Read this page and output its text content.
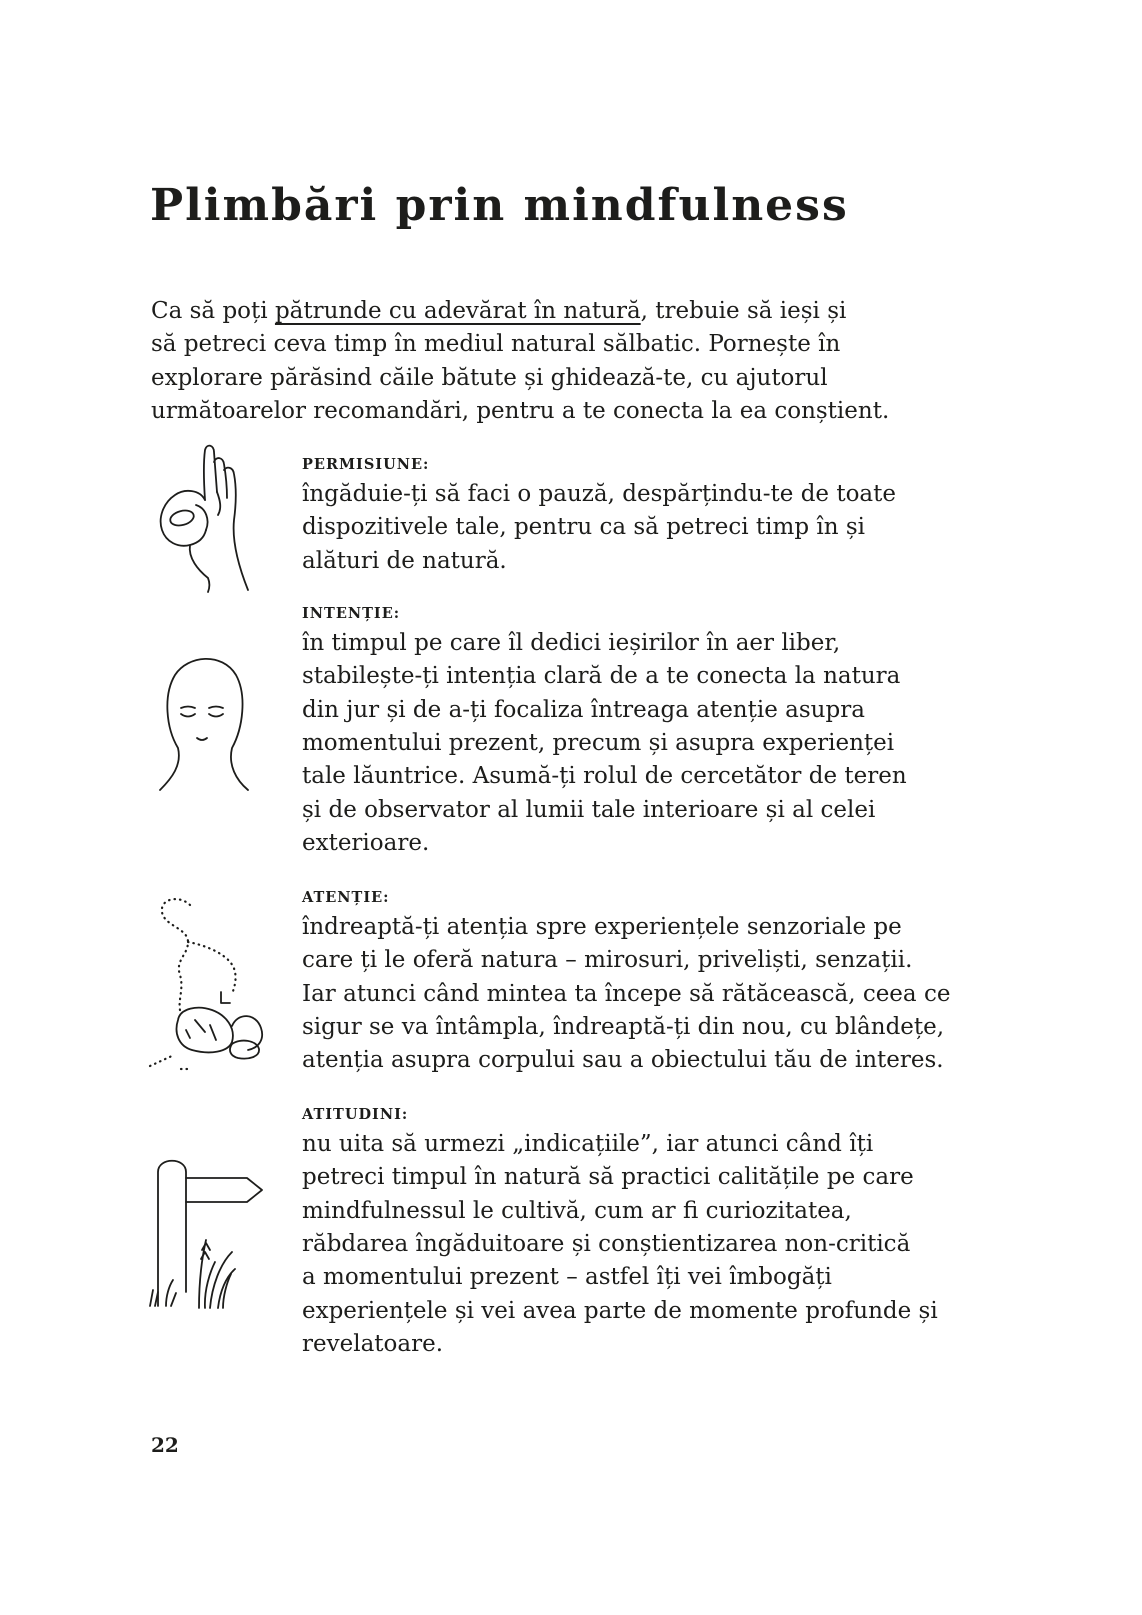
Plimbări prin mindfulness
Ca să poți pătrunde cu adevărat în natură, trebuie să ieși și
să petreci ceva timp în mediul natural sălbatic. Pornește în
explorare părăsind căile bătute și ghidează-te, cu ajutorul
următoarelor recomandări, pentru a te conecta la ea conștient.
PERMISIUNE:
îngăduie-ți să faci o pauză, despărțindu-te de toate
dispozitivele tale, pentru ca să petreci timp în și
alături de natură.
INTENȚIE:
în timpul pe care îl dedici ieșirilor în aer liber,
stabilește-ți intenția clară de a te conecta la natura
din jur și de a-ți focaliza întreaga atenție asupra
momentului prezent, precum și asupra experienței
tale lăuntrice. Asumă-ți rolul de cercetător de teren
și de observator al lumii tale interioare și al celei
exterioare.
ATENȚIE:
îndreaptă-ți atenția spre experiențele senzoriale pe
care ți le oferă natura – mirosuri, priveliști, senzații.
Iar atunci când mintea ta începe să rătăcească, ceea ce
sigur se va întâmpla, îndreaptă-ți din nou, cu blândețe,
atenția asupra corpului sau a obiectului tău de interes.
ATITUDINI:
nu uita să urmezi „indicațiile”, iar atunci când îți
petreci timpul în natură să practici calitățile pe care
mindfulnessul le cultivă, cum ar fi curiozitatea,
răbdarea îngăduitoare și conștientizarea non-critică
a momentului prezent – astfel îți vei îmbogăți
experiențele și vei avea parte de momente profunde și
revelatoare.
22
